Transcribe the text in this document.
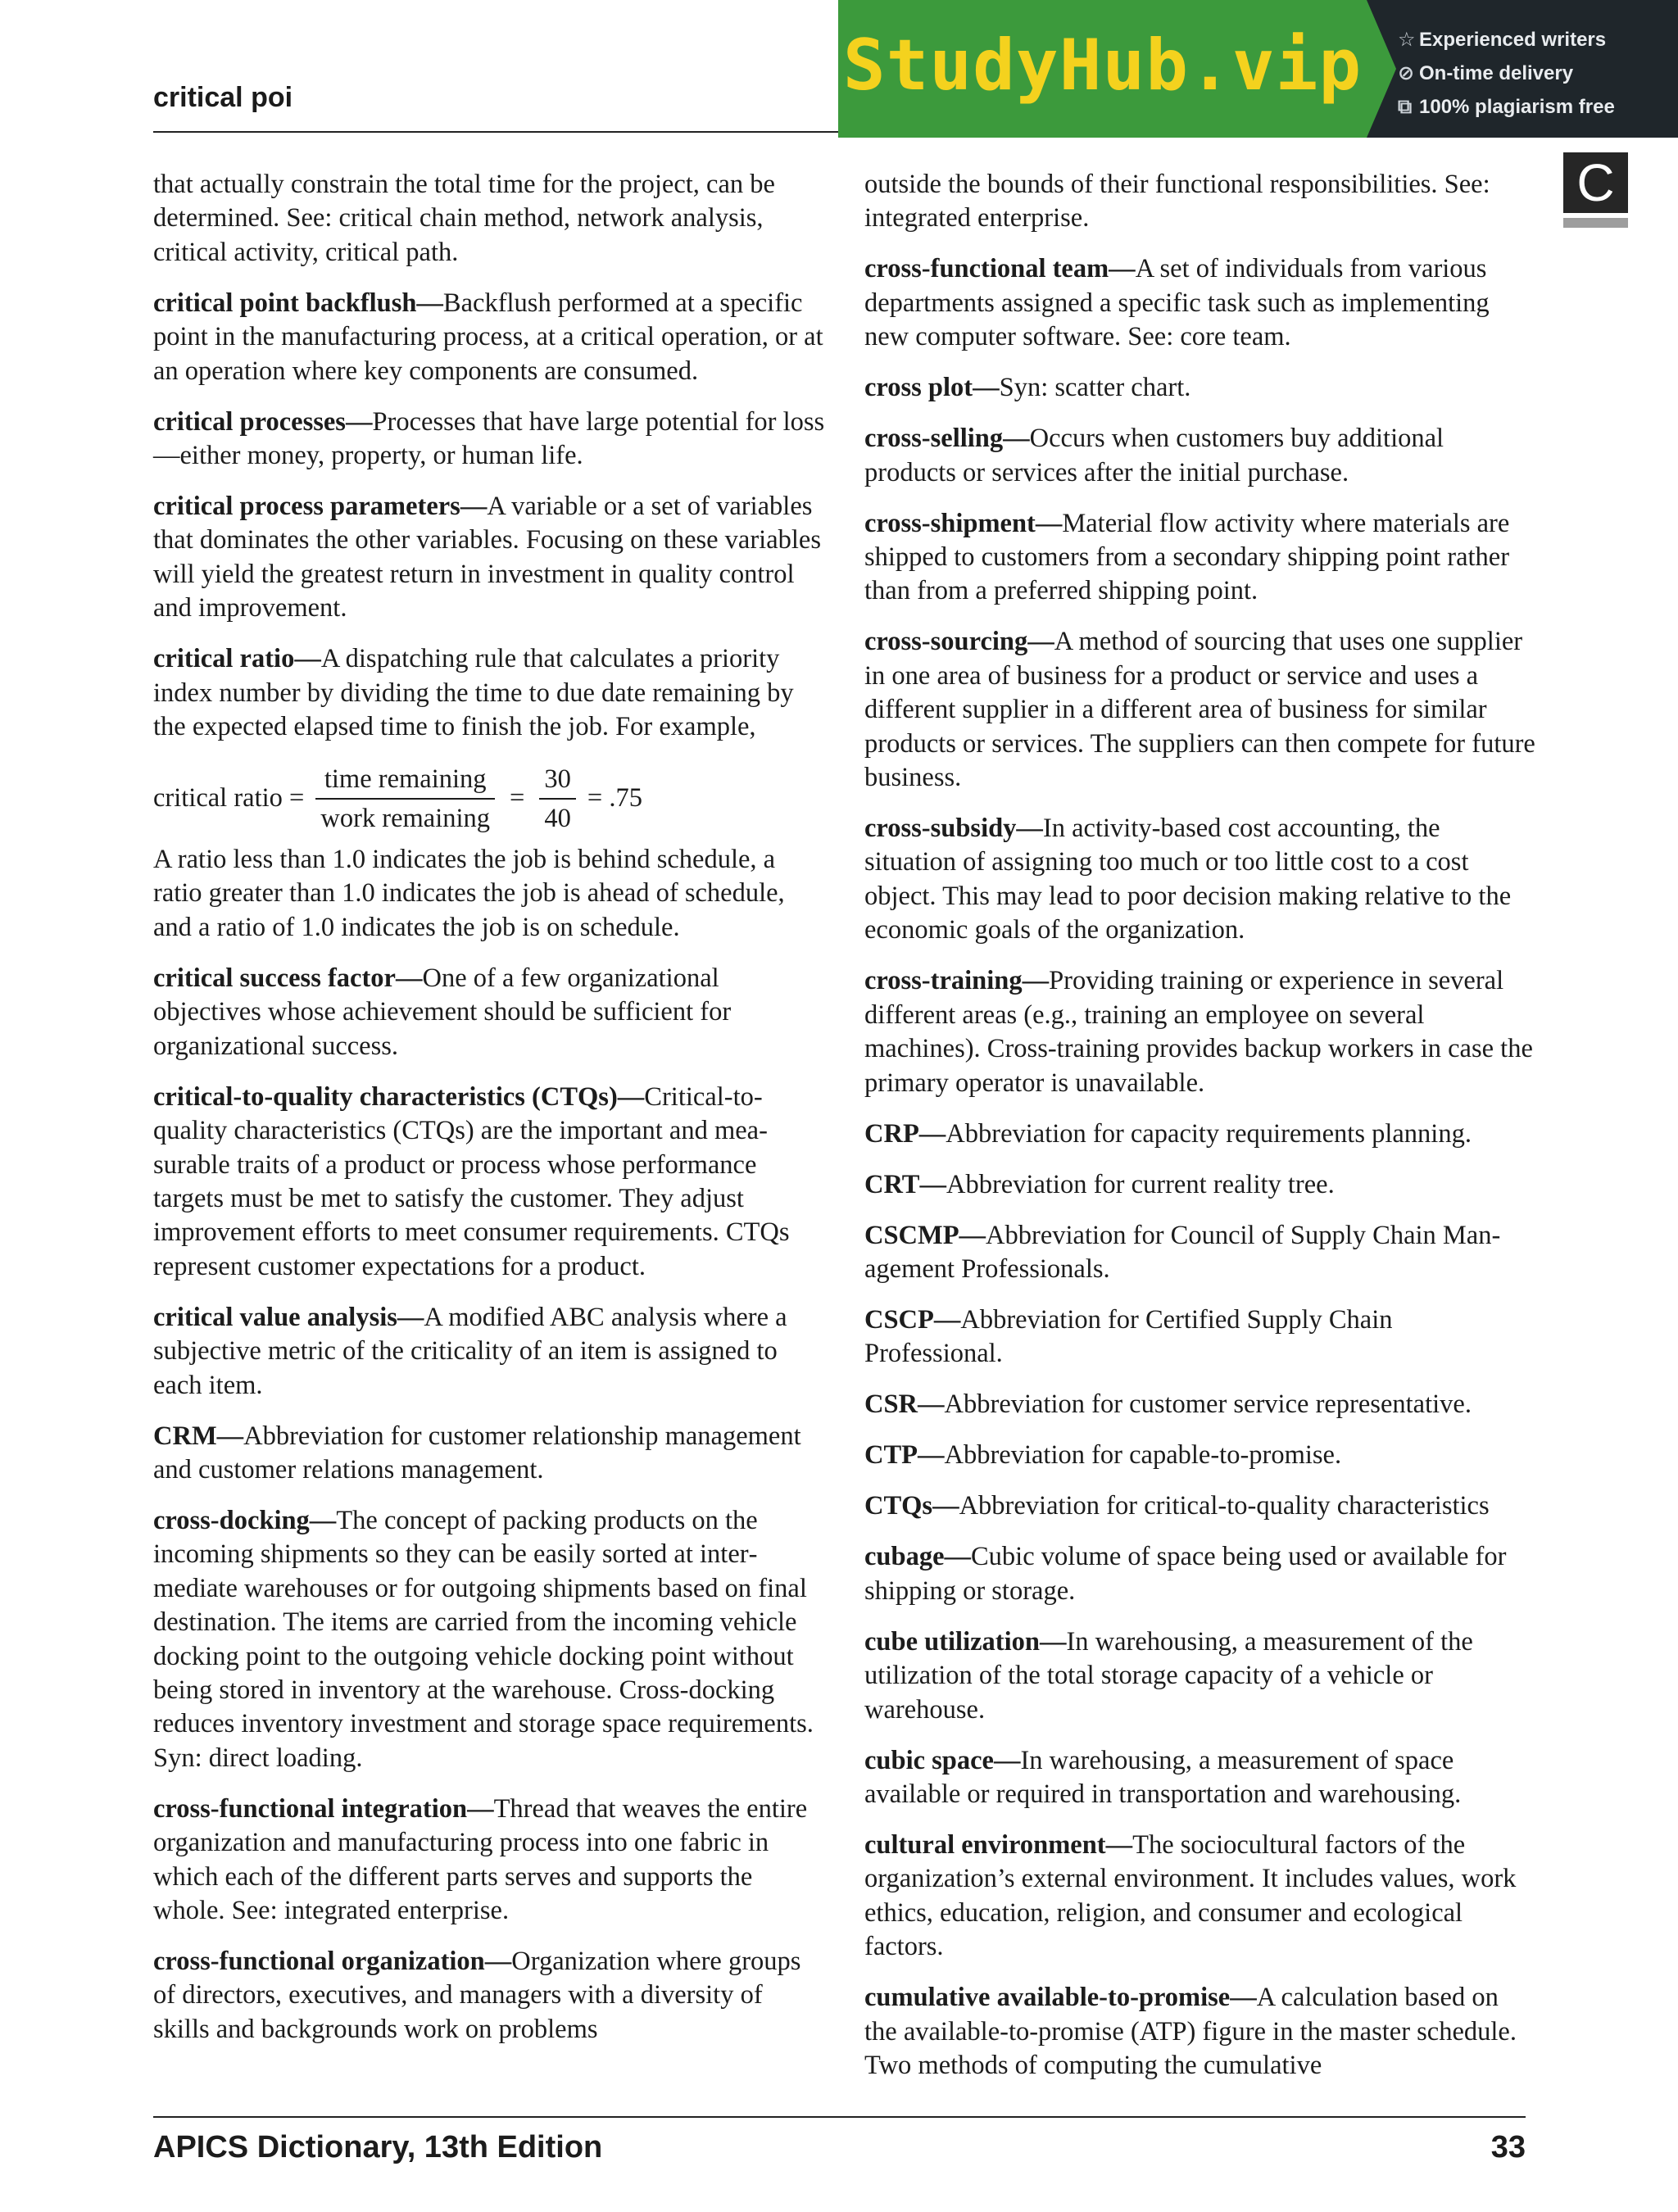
critical poi	StudyHub.vip ☆ Experienced writers
⊘ On-time delivery
⧉ 100% plagiarism free
C

that actually constrain the total time for the project, can be determined. See: critical chain method, network analysis, critical activity, critical path.

critical point backflush—Backflush performed at a specific point in the manufacturing process, at a critical operation, or at an operation where key components are consumed.

critical processes—Processes that have large potential for loss—either money, property, or human life.

critical process parameters—A variable or a set of variables that dominates the other variables. Focusing on these variables will yield the greatest return in investment in quality control and improvement.

critical ratio—A dispatching rule that calculates a priority index number by dividing the time to due date remaining by the expected elapsed time to finish the job. For example,

critical ratio = $\frac{\text{time remaining}}{\text{work remaining}} = \frac{30}{40} = .75$

A ratio less than 1.0 indicates the job is behind schedule, a ratio greater than 1.0 indicates the job is ahead of schedule, and a ratio of 1.0 indicates the job is on schedule.

critical success factor—One of a few organizational objectives whose achievement should be sufficient for organizational success.

critical-to-quality characteristics (CTQs)—Critical-to-quality characteristics (CTQs) are the important and measurable traits of a product or process whose performance targets must be met to satisfy the customer. They adjust improvement efforts to meet consumer requirements. CTQs represent customer expectations for a product.

critical value analysis—A modified ABC analysis where a subjective metric of the criticality of an item is assigned to each item.

CRM—Abbreviation for customer relationship management and customer relations management.

cross-docking—The concept of packing products on the incoming shipments so they can be easily sorted at intermediate warehouses or for outgoing shipments based on final destination. The items are carried from the incoming vehicle docking point to the outgoing vehicle docking point without being stored in inventory at the warehouse. Cross-docking reduces inventory investment and storage space requirements. Syn: direct loading.

cross-functional integration—Thread that weaves the entire organization and manufacturing process into one fabric in which each of the different parts serves and supports the whole. See: integrated enterprise.

cross-functional organization—Organization where groups of directors, executives, and managers with a diversity of skills and backgrounds work on problems

outside the bounds of their functional responsibilities. See: integrated enterprise.

cross-functional team—A set of individuals from various departments assigned a specific task such as implementing new computer software. See: core team.

cross plot—Syn: scatter chart.

cross-selling—Occurs when customers buy additional products or services after the initial purchase.

cross-shipment—Material flow activity where materials are shipped to customers from a secondary shipping point rather than from a preferred shipping point.

cross-sourcing—A method of sourcing that uses one supplier in one area of business for a product or service and uses a different supplier in a different area of business for similar products or services. The suppliers can then compete for future business.

cross-subsidy—In activity-based cost accounting, the situation of assigning too much or too little cost to a cost object. This may lead to poor decision making relative to the economic goals of the organization.

cross-training—Providing training or experience in several different areas (e.g., training an employee on several machines). Cross-training provides backup workers in case the primary operator is unavailable.

CRP—Abbreviation for capacity requirements planning.

CRT—Abbreviation for current reality tree.

CSCMP—Abbreviation for Council of Supply Chain Management Professionals.

CSCP—Abbreviation for Certified Supply Chain Professional.

CSR—Abbreviation for customer service representative.

CTP—Abbreviation for capable-to-promise.

CTQs—Abbreviation for critical-to-quality characteristics

cubage—Cubic volume of space being used or available for shipping or storage.

cube utilization—In warehousing, a measurement of the utilization of the total storage capacity of a vehicle or warehouse.

cubic space—In warehousing, a measurement of space available or required in transportation and warehousing.

cultural environment—The sociocultural factors of the organization’s external environment. It includes values, work ethics, education, religion, and consumer and ecological factors.

cumulative available-to-promise—A calculation based on the available-to-promise (ATP) figure in the master schedule. Two methods of computing the cumulative

APICS Dictionary, 13th Edition	33
